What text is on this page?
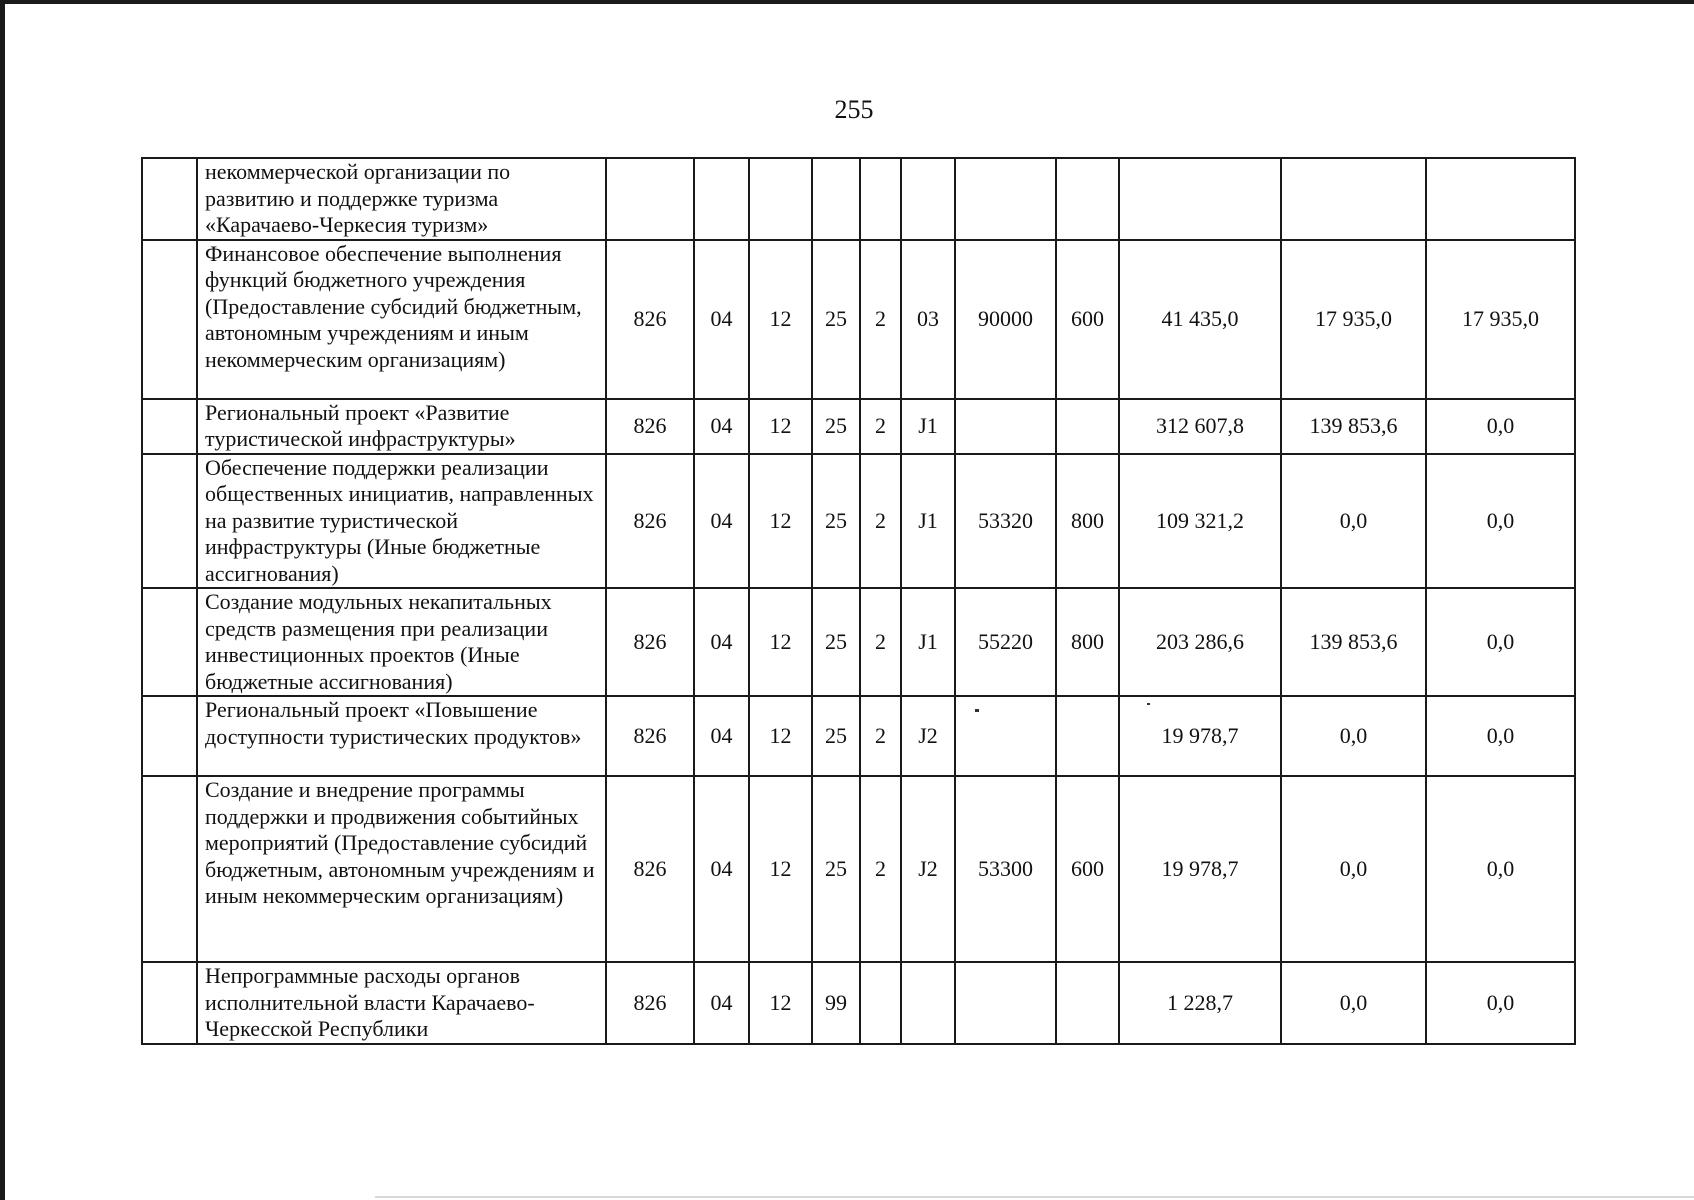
255
	некоммерческой организации по развитию и поддержке туризма «Карачаево-Черкесия туризм»											
	Финансовое обеспечение выполнения функций бюджетного учреждения (Предоставление субсидий бюджетным, автономным учреждениям и иным некоммерческим организациям)	826	04	12	25	2	03	90000	600	41 435,0	17 935,0	17 935,0
	Региональный проект «Развитие туристической инфраструктуры»	826	04	12	25	2	J1			312 607,8	139 853,6	0,0
	Обеспечение поддержки реализации общественных инициатив, направленных на развитие туристической инфраструктуры (Иные бюджетные ассигнования)	826	04	12	25	2	J1	53320	800	109 321,2	0,0	0,0
	Создание модульных некапитальных средств размещения при реализации инвестиционных проектов (Иные бюджетные ассигнования)	826	04	12	25	2	J1	55220	800	203 286,6	139 853,6	0,0
	Региональный проект «Повышение доступности туристических продуктов»	826	04	12	25	2	J2			19 978,7	0,0	0,0
	Создание и внедрение программы поддержки и продвижения событийных мероприятий (Предоставление субсидий бюджетным, автономным учреждениям и иным некоммерческим организациям)	826	04	12	25	2	J2	53300	600	19 978,7	0,0	0,0
	Непрограммные расходы органов исполнительной власти Карачаево-Черкесской Республики	826	04	12	99					1 228,7	0,0	0,0
